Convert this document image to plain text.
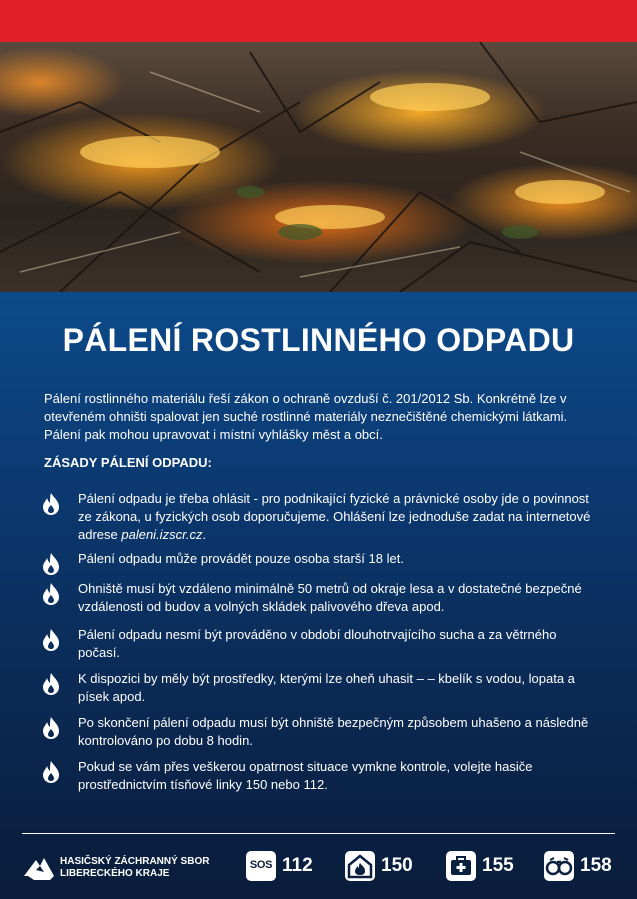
PÁLENÍ ROSTLINNÉHO ODPADU

Pálení rostlinného materiálu řeší zákon o ochraně ovzduší č. 201/2012 Sb. Konkrétně lze v otevřeném ohništi spalovat jen suché rostlinné materiály neznečištěné chemickými látkami. Pálení pak mohou upravovat i místní vyhlášky měst a obcí.

ZÁSADY PÁLENÍ ODPADU:

Pálení odpadu je třeba ohlásit - pro podnikající fyzické a právnické osoby jde o povinnost ze zákona, u fyzických osob doporučujeme. Ohlášení lze jednoduše zadat na internetové adrese paleni.izscr.cz.

Pálení odpadu může provádět pouze osoba starší 18 let.

Ohniště musí být vzdáleno minimálně 50 metrů od okraje lesa a v dostatečné bezpečné vzdálenosti od budov a volných skládek palivového dřeva apod.

Pálení odpadu nesmí být prováděno v období dlouhotrvajícího sucha a za větrného počasí.

K dispozici by měly být prostředky, kterými lze oheň uhasit – – kbelík s vodou, lopata a písek apod.

Po skončení pálení odpadu musí být ohniště bezpečným způsobem uhašeno a následně kontrolováno po dobu 8 hodin.

Pokud se vám přes veškerou opatrnost situace vymkne kontrole, volejte hasiče prostřednictvím tísňové linky 150 nebo 112.

HASIČSKÝ ZÁCHRANNÝ SBOR
LIBERECKÉHO KRAJE
SOS 112	150	155	158
